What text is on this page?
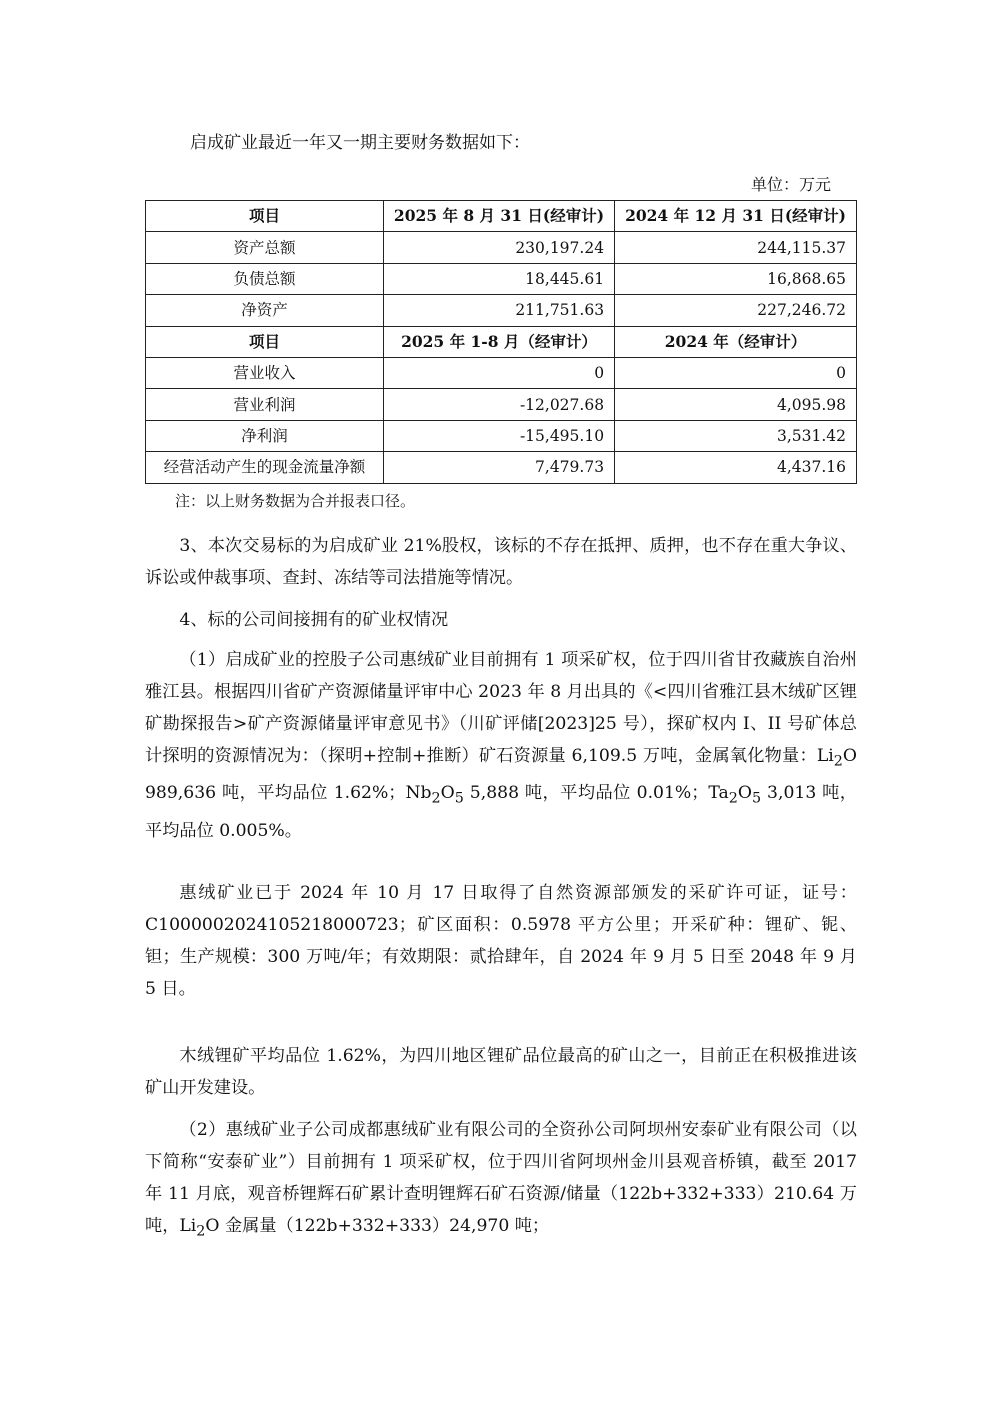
启成矿业最近一年又一期主要财务数据如下：
单位：万元
项目	2025 年 8 月 31 日(经审计)	2024 年 12 月 31 日(经审计)
资产总额	230,197.24	244,115.37
负债总额	18,445.61	16,868.65
净资产	211,751.63	227,246.72
项目	2025 年 1-8 月（经审计）	2024 年（经审计）
营业收入	0	0
营业利润	-12,027.68	4,095.98
净利润	-15,495.10	3,531.42
经营活动产生的现金流量净额	7,479.73	4,437.16
注：以上财务数据为合并报表口径。
3、本次交易标的为启成矿业 21%股权，该标的不存在抵押、质押，也不存在重大争议、诉讼或仲裁事项、查封、冻结等司法措施等情况。
4、标的公司间接拥有的矿业权情况
（1）启成矿业的控股子公司惠绒矿业目前拥有 1 项采矿权，位于四川省甘孜藏族自治州雅江县。根据四川省矿产资源储量评审中心 2023 年 8 月出具的《<四川省雅江县木绒矿区锂矿勘探报告>矿产资源储量评审意见书》（川矿评储[2023]25 号），探矿权内 I、II 号矿体总计探明的资源情况为：（探明+控制+推断）矿石资源量 6,109.5 万吨，金属氧化物量：$Li_2O$ 989,636 吨，平均品位 1.62%；$Nb_2O_5$ 5,888 吨，平均品位 0.01%；$Ta_2O_5$ 3,013 吨，平均品位 0.005%。
惠绒矿业已于 2024 年 10 月 17 日取得了自然资源部颁发的采矿许可证，证号：C1000002024105218000723；矿区面积：0.5978 平方公里；开采矿种：锂矿、铌、钽；生产规模：300 万吨/年；有效期限：贰拾肆年，自 2024 年 9 月 5 日至 2048 年 9 月 5 日。
木绒锂矿平均品位 1.62%，为四川地区锂矿品位最高的矿山之一，目前正在积极推进该矿山开发建设。
（2）惠绒矿业子公司成都惠绒矿业有限公司的全资孙公司阿坝州安泰矿业有限公司（以下简称“安泰矿业”）目前拥有 1 项采矿权，位于四川省阿坝州金川县观音桥镇，截至 2017 年 11 月底，观音桥锂辉石矿累计查明锂辉石矿石资源/储量（122b+332+333）210.64 万吨，$Li_2O$ 金属量（122b+332+333）24,970 吨；
